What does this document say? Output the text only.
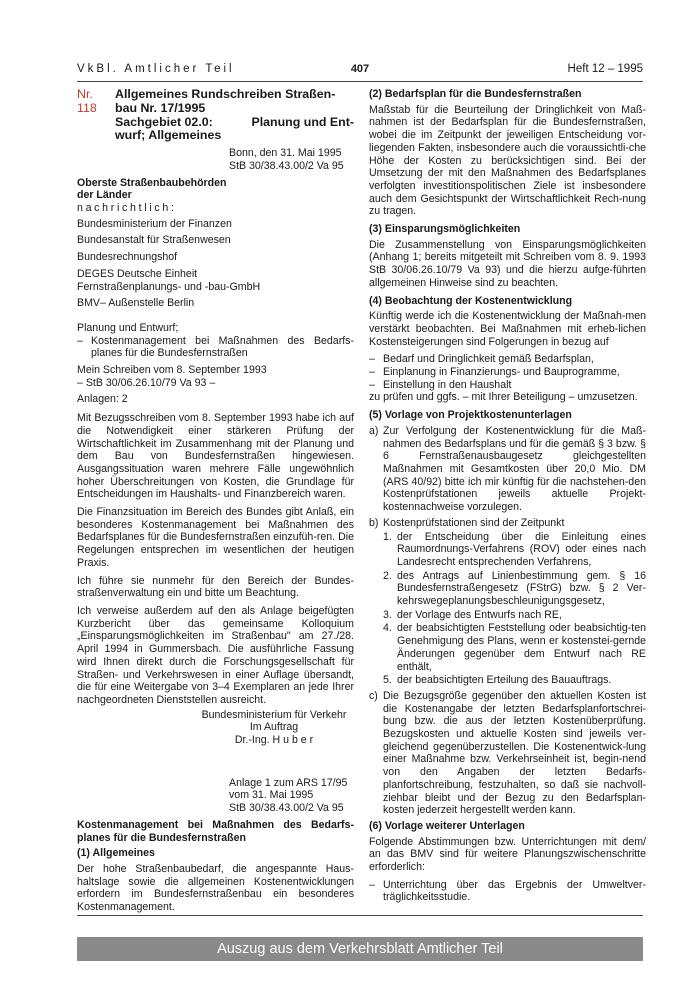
VkBl. Amtlicher Teil	407	Heft 12 – 1995
Nr. 118
Allgemeines Rundschreiben Straßen-
bau Nr. 17/1995
Sachgebiet 02.0:	Planung und Ent-
wurf; Allgemeines
Bonn, den 31. Mai 1995
StB 30/38.43.00/2 Va 95
Oberste Straßenbaubehörden
der Länder
nachrichtlich:
Bundesministerium der Finanzen
Bundesanstalt für Straßenwesen
Bundesrechnungshof
DEGES Deutsche Einheit
Fernstraßenplanungs- und -bau-GmbH
BMV– Außenstelle Berlin
Planung und Entwurf;
– Kostenmanagement bei Maßnahmen des Bedarfs-planes für die Bundesfernstraßen
Mein Schreiben vom 8. September 1993
– StB 30/06.26.10/79 Va 93 –
Anlagen: 2

Mit Bezugsschreiben vom 8. September 1993 habe ich auf die Notwendigkeit einer stärkeren Prüfung der Wirtschaftlichkeit im Zusammenhang mit der Planung und dem Bau von Bundesfernstraßen hingewiesen. Ausgangssituation waren mehrere Fälle ungewöhnlich hoher Überschreitungen von Kosten, die Grundlage für Entscheidungen im Haushalts- und Finanzbereich waren.

Die Finanzsituation im Bereich des Bundes gibt Anlaß, ein besonderes Kostenmanagement bei Maßnahmen des Bedarfsplanes für die Bundesfernstraßen einzufüh-ren. Die Regelungen entsprechen im wesentlichen der heutigen Praxis.

Ich führe sie nunmehr für den Bereich der Bundes-straßenverwaltung ein und bitte um Beachtung.

Ich verweise außerdem auf den als Anlage beigefügten Kurzbericht über das gemeinsame Kolloquium „Einsparungsmöglichkeiten im Straßenbau" am 27./28. April 1994 in Gummersbach. Die ausführliche Fassung wird Ihnen direkt durch die Forschungsgesellschaft für Straßen- und Verkehrswesen in einer Auflage übersandt, die für eine Weitergabe von 3–4 Exemplaren an jede Ihrer nachgeordneten Dienststellen ausreicht.

Bundesministerium für Verkehr
Im Auftrag
Dr.-Ing. H u b e r
Anlage 1 zum ARS 17/95
vom 31. Mai 1995
StB 30/38.43.00/2 Va 95
Kostenmanagement bei Maßnahmen des Bedarfs-planes für die Bundesfernstraßen
(1) Allgemeines

Der hohe Straßenbaubedarf, die angespannte Haus-haltslage sowie die allgemeinen Kostenentwicklungen erfordern im Bundesfernstraßenbau ein besonderes Kostenmanagement.

(2) Bedarfsplan für die Bundesfernstraßen

Maßstab für die Beurteilung der Dringlichkeit von Maß-nahmen ist der Bedarfsplan für die Bundesfernstraßen, wobei die im Zeitpunkt der jeweiligen Entscheidung vor-liegenden Fakten, insbesondere auch die voraussichtli-che Höhe der Kosten zu berücksichtigen sind. Bei der Umsetzung der mit den Maßnahmen des Bedarfsplanes verfolgten investitionspolitischen Ziele ist insbesondere auch dem Gesichtspunkt der Wirtschaftlichkeit Rech-nung zu tragen.

(3) Einsparungsmöglichkeiten

Die Zusammenstellung von Einsparungsmöglichkeiten (Anhang 1; bereits mitgeteilt mit Schreiben vom 8. 9. 1993 StB 30/06.26.10/79 Va 93) und die hierzu aufge-führten allgemeinen Hinweise sind zu beachten.

(4) Beobachtung der Kostenentwicklung

Künftig werde ich die Kostenentwicklung der Maßnah-men verstärkt beobachten. Bei Maßnahmen mit erheb-lichen Kostensteigerungen sind Folgerungen in bezug auf

– Bedarf und Dringlichkeit gemäß Bedarfsplan,
– Einplanung in Finanzierungs- und Bauprogramme,
– Einstellung in den Haushalt

zu prüfen und ggfs. – mit Ihrer Beteiligung – umzusetzen.

(5) Vorlage von Projektkostenunterlagen
a) Zur Verfolgung der Kostenentwicklung für die Maß-nahmen des Bedarfsplans und für die gemäß § 3 bzw. § 6 Fernstraßenausbaugesetz gleichgestellten Maßnahmen mit Gesamtkosten über 20,0 Mio. DM (ARS 40/92) bitte ich mir künftig für die nachstehen-den Kostenprüfstationen jeweils aktuelle Projekt-kostennachweise vorzulegen.
b) Kostenprüfstationen sind der Zeitpunkt
1. der Entscheidung über die Einleitung eines Raumordnungs-Verfahrens (ROV) oder eines nach Landesrecht entsprechenden Verfahrens,
2. des Antrags auf Linienbestimmung gem. § 16 Bundesfernstraßengesetz (FStrG) bzw. § 2 Ver-kehrswegeplanungsbeschleunigungsgesetz,
3. der Vorlage des Entwurfs nach RE,
4. der beabsichtigten Feststellung oder beabsichtig-ten Genehmigung des Plans, wenn er kostenstei-gernde Änderungen gegenüber dem Entwurf nach RE enthält,
5. der beabsichtigten Erteilung des Bauauftrags.
c) Die Bezugsgröße gegenüber den aktuellen Kosten ist die Kostenangabe der letzten Bedarfsplanfortschrei-bung bzw. die aus der letzten Kostenüberprüfung. Bezugskosten und aktuelle Kosten sind jeweils ver-gleichend gegenüberzustellen. Die Kostenentwick-lung einer Maßnahme bzw. Verkehrseinheit ist, begin-nend von den Angaben der letzten Bedarfs-planfortschreibung, festzuhalten, so daß sie nachvoll-ziehbar bleibt und der Bezug zu den Bedarfsplan-kosten jederzeit hergestellt werden kann.
(6) Vorlage weiterer Unterlagen

Folgende Abstimmungen bzw. Unterrichtungen mit dem/ an das BMV sind für weitere Planungszwischenschritte erforderlich:

– Unterrichtung über das Ergebnis der Umweltver-träglichkeitsstudie.
Auszug aus dem Verkehrsblatt Amtlicher Teil
